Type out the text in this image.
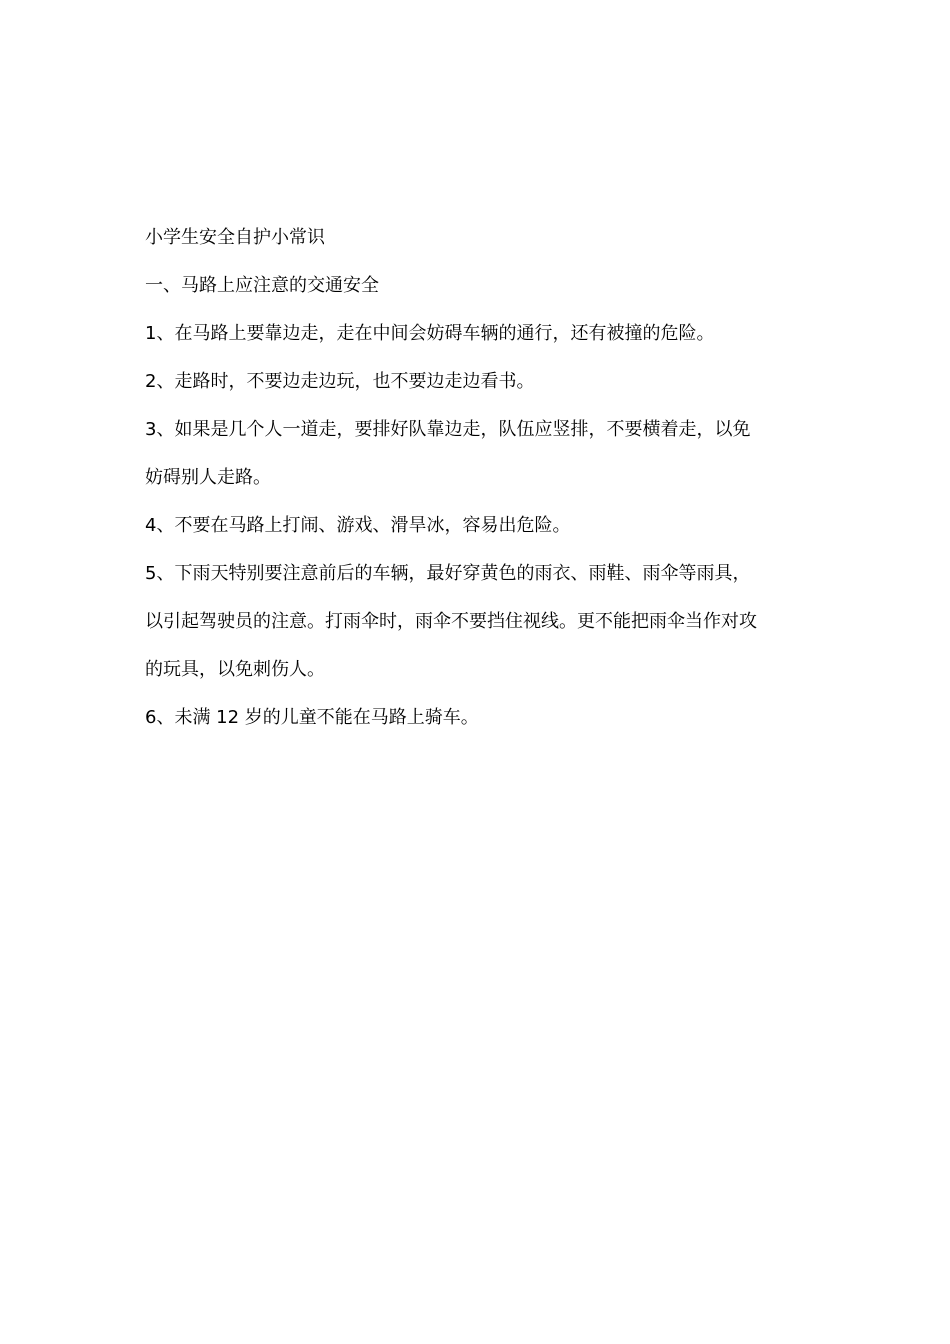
小学生安全自护小常识

一、马路上应注意的交通安全

1、在马路上要靠边走，走在中间会妨碍车辆的通行，还有被撞的危险。

2、走路时，不要边走边玩，也不要边走边看书。

3、如果是几个人一道走，要排好队靠边走，队伍应竖排，不要横着走，以免
妨碍别人走路。

4、不要在马路上打闹、游戏、滑旱冰，容易出危险。

5、下雨天特别要注意前后的车辆，最好穿黄色的雨衣、雨鞋、雨伞等雨具，
以引起驾驶员的注意。打雨伞时，雨伞不要挡住视线。更不能把雨伞当作对攻
的玩具，以免刺伤人。

6、未满 12 岁的儿童不能在马路上骑车。
